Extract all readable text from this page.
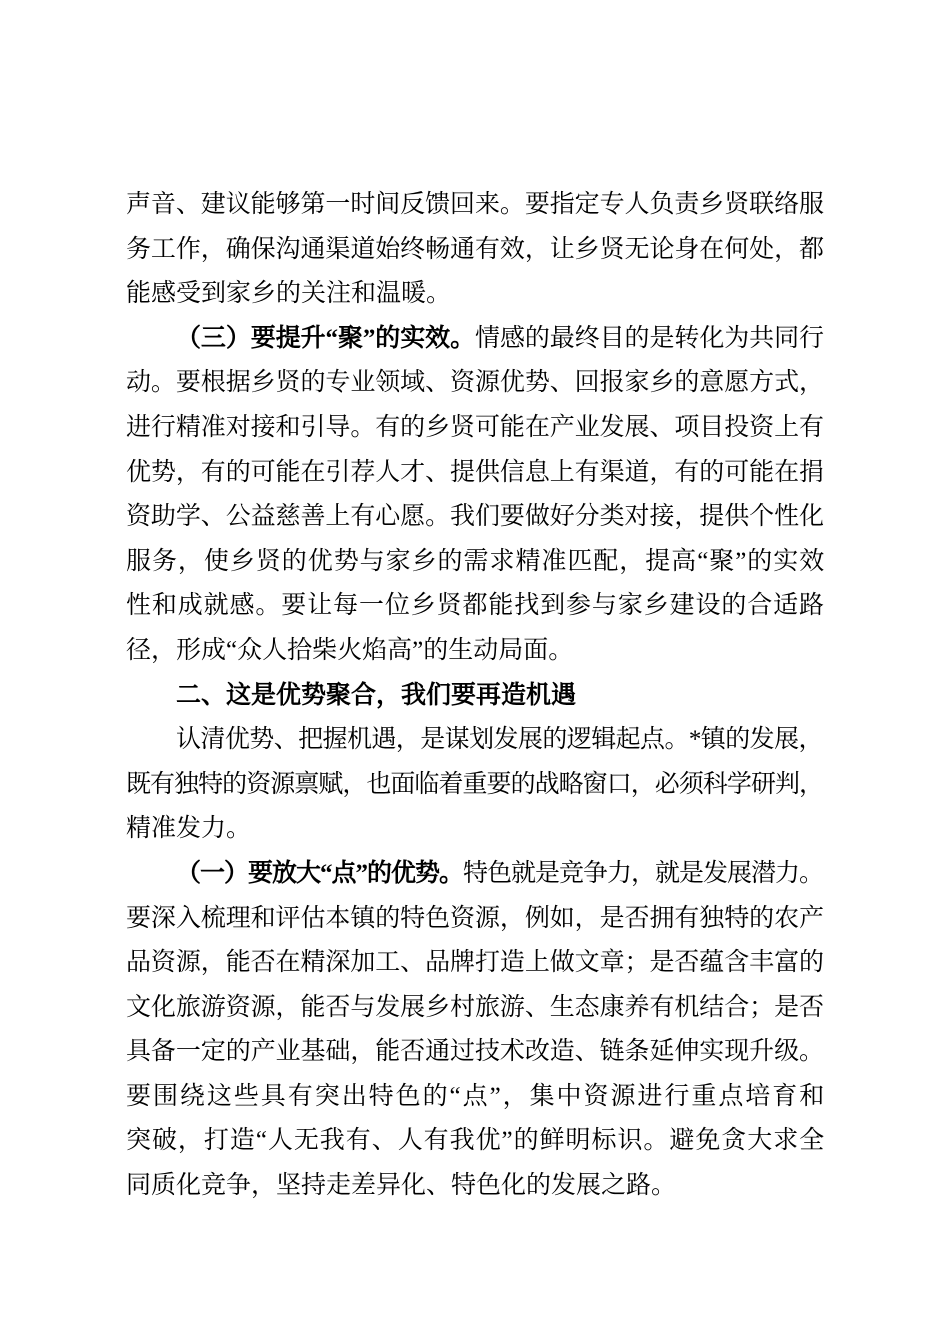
声音、建议能够第一时间反馈回来。要指定专人负责乡贤联络服
务工作，确保沟通渠道始终畅通有效，让乡贤无论身在何处，都
能感受到家乡的关注和温暖。
（三）要提升“聚”的实效。情感的最终目的是转化为共同行
动。要根据乡贤的专业领域、资源优势、回报家乡的意愿方式，
进行精准对接和引导。有的乡贤可能在产业发展、项目投资上有
优势，有的可能在引荐人才、提供信息上有渠道，有的可能在捐
资助学、公益慈善上有心愿。我们要做好分类对接，提供个性化
服务，使乡贤的优势与家乡的需求精准匹配，提高“聚”的实效
性和成就感。要让每一位乡贤都能找到参与家乡建设的合适路
径，形成“众人拾柴火焰高”的生动局面。
二、这是优势聚合，我们要再造机遇
认清优势、把握机遇，是谋划发展的逻辑起点。*镇的发展，
既有独特的资源禀赋，也面临着重要的战略窗口，必须科学研判，
精准发力。
（一）要放大“点”的优势。特色就是竞争力，就是发展潜力。
要深入梳理和评估本镇的特色资源，例如，是否拥有独特的农产
品资源，能否在精深加工、品牌打造上做文章；是否蕴含丰富的
文化旅游资源，能否与发展乡村旅游、生态康养有机结合；是否
具备一定的产业基础，能否通过技术改造、链条延伸实现升级。
要围绕这些具有突出特色的“点”，集中资源进行重点培育和
突破，打造“人无我有、人有我优”的鲜明标识。避免贪大求全
同质化竞争，坚持走差异化、特色化的发展之路。
